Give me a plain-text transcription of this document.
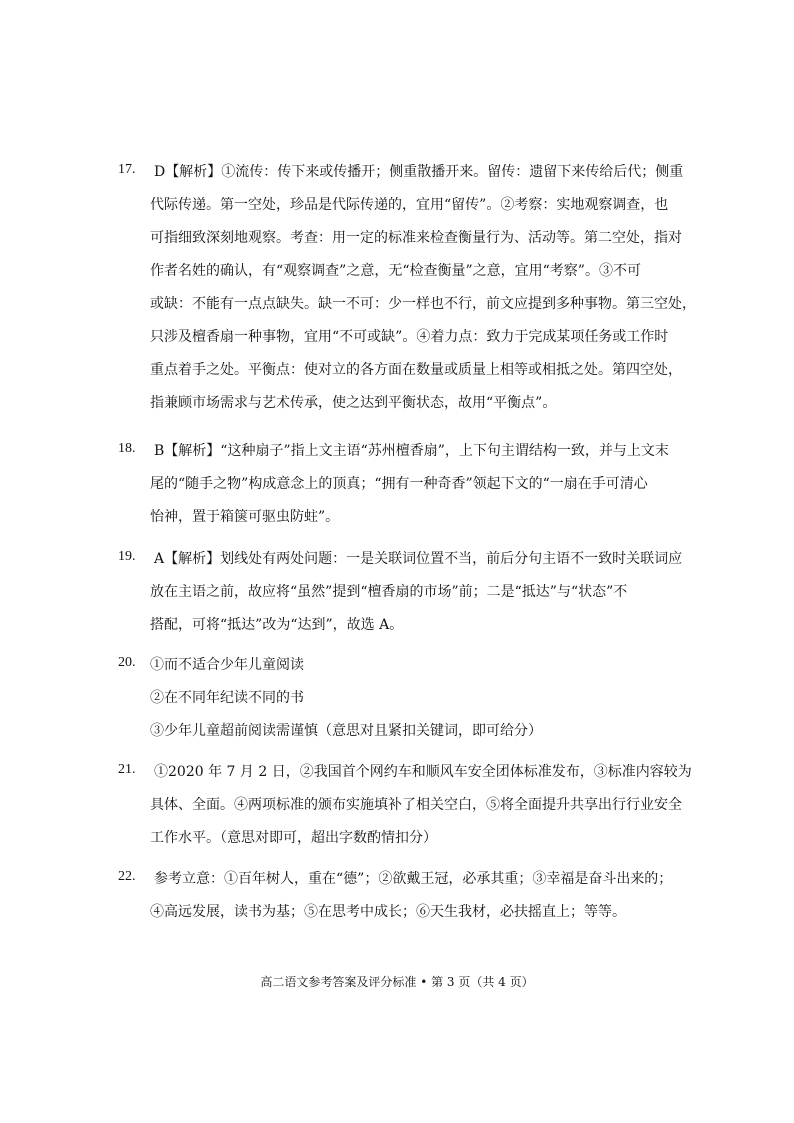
17.	D【解析】①流传：传下来或传播开；侧重散播开来。留传：遗留下来传给后代；侧重
代际传递。第一空处，珍品是代际传递的，宜用“留传”。②考察：实地观察调查，也
可指细致深刻地观察。考查：用一定的标准来检查衡量行为、活动等。第二空处，指对
作者名姓的确认，有“观察调查”之意，无“检查衡量”之意，宜用“考察”。③不可
或缺：不能有一点点缺失。缺一不可：少一样也不行，前文应提到多种事物。第三空处，
只涉及檀香扇一种事物，宜用“不可或缺”。④着力点：致力于完成某项任务或工作时
重点着手之处。平衡点：使对立的各方面在数量或质量上相等或相抵之处。第四空处，
指兼顾市场需求与艺术传承，使之达到平衡状态，故用“平衡点”。
18.	B【解析】“这种扇子”指上文主语“苏州檀香扇”，上下句主谓结构一致，并与上文末
尾的“随手之物”构成意念上的顶真；“拥有一种奇香”领起下文的“一扇在手可清心
怡神，置于箱箧可驱虫防蛀”。
19.	A【解析】划线处有两处问题：一是关联词位置不当，前后分句主语不一致时关联词应
放在主语之前，故应将“虽然”提到“檀香扇的市场”前；二是“抵达”与“状态”不
搭配，可将“抵达”改为“达到”，故选 A。
20.	①而不适合少年儿童阅读
②在不同年纪读不同的书
③少年儿童超前阅读需谨慎（意思对且紧扣关键词，即可给分）
21.	①2020 年 7 月 2 日，②我国首个网约车和顺风车安全团体标准发布，③标准内容较为
具体、全面。④两项标准的颁布实施填补了相关空白，⑤将全面提升共享出行行业安全
工作水平。（意思对即可，超出字数酌情扣分）
22.	参考立意：①百年树人，重在“德”；②欲戴王冠，必承其重；③幸福是奋斗出来的；
④高远发展，读书为基；⑤在思考中成长；⑥天生我材，必扶摇直上；等等。
高二语文参考答案及评分标准 • 第 3 页（共 4 页）
